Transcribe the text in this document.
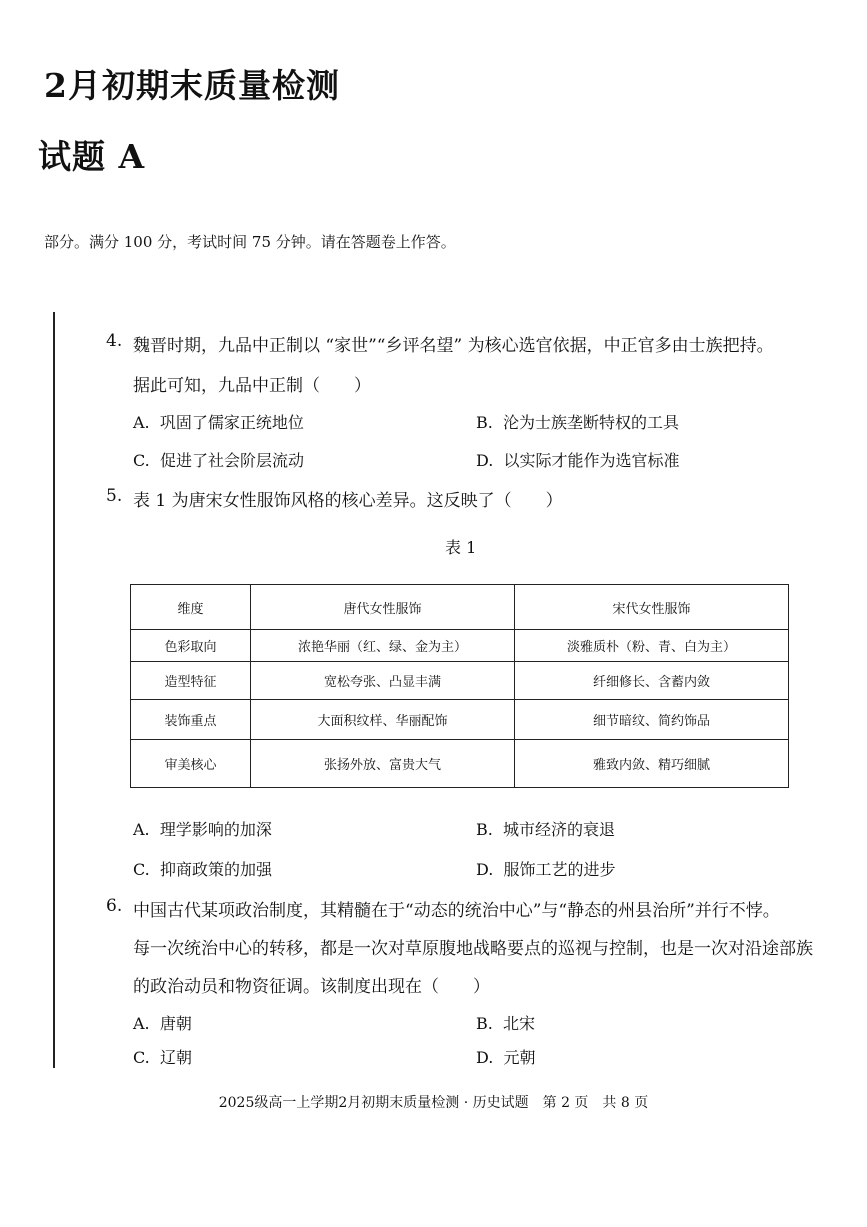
2月初期末质量检测
试题 A
部分。满分 100 分，考试时间 75 分钟。请在答题卷上作答。
4. 魏晋时期，九品中正制以 “家世”“乡评名望” 为核心选官依据，中正官多由士族把持。
据此可知，九品中正制（　　）
A. 巩固了儒家正统地位	B. 沦为士族垄断特权的工具
C. 促进了社会阶层流动	D. 以实际才能作为选官标准
5. 表 1 为唐宋女性服饰风格的核心差异。这反映了（　　）
表 1
维度	唐代女性服饰	宋代女性服饰
色彩取向	浓艳华丽（红、绿、金为主）	淡雅质朴（粉、青、白为主）
造型特征	宽松夸张、凸显丰满	纤细修长、含蓄内敛
装饰重点	大面积纹样、华丽配饰	细节暗纹、简约饰品
审美核心	张扬外放、富贵大气	雅致内敛、精巧细腻
A. 理学影响的加深	B. 城市经济的衰退
C. 抑商政策的加强	D. 服饰工艺的进步
6. 中国古代某项政治制度，其精髓在于“动态的统治中心”与“静态的州县治所”并行不悖。
每一次统治中心的转移，都是一次对草原腹地战略要点的巡视与控制，也是一次对沿途部族
的政治动员和物资征调。该制度出现在（　　）
A. 唐朝	B. 北宋
C. 辽朝	D. 元朝
2025级高一上学期2月初期末质量检测 · 历史试题　第 2 页　共 8 页
